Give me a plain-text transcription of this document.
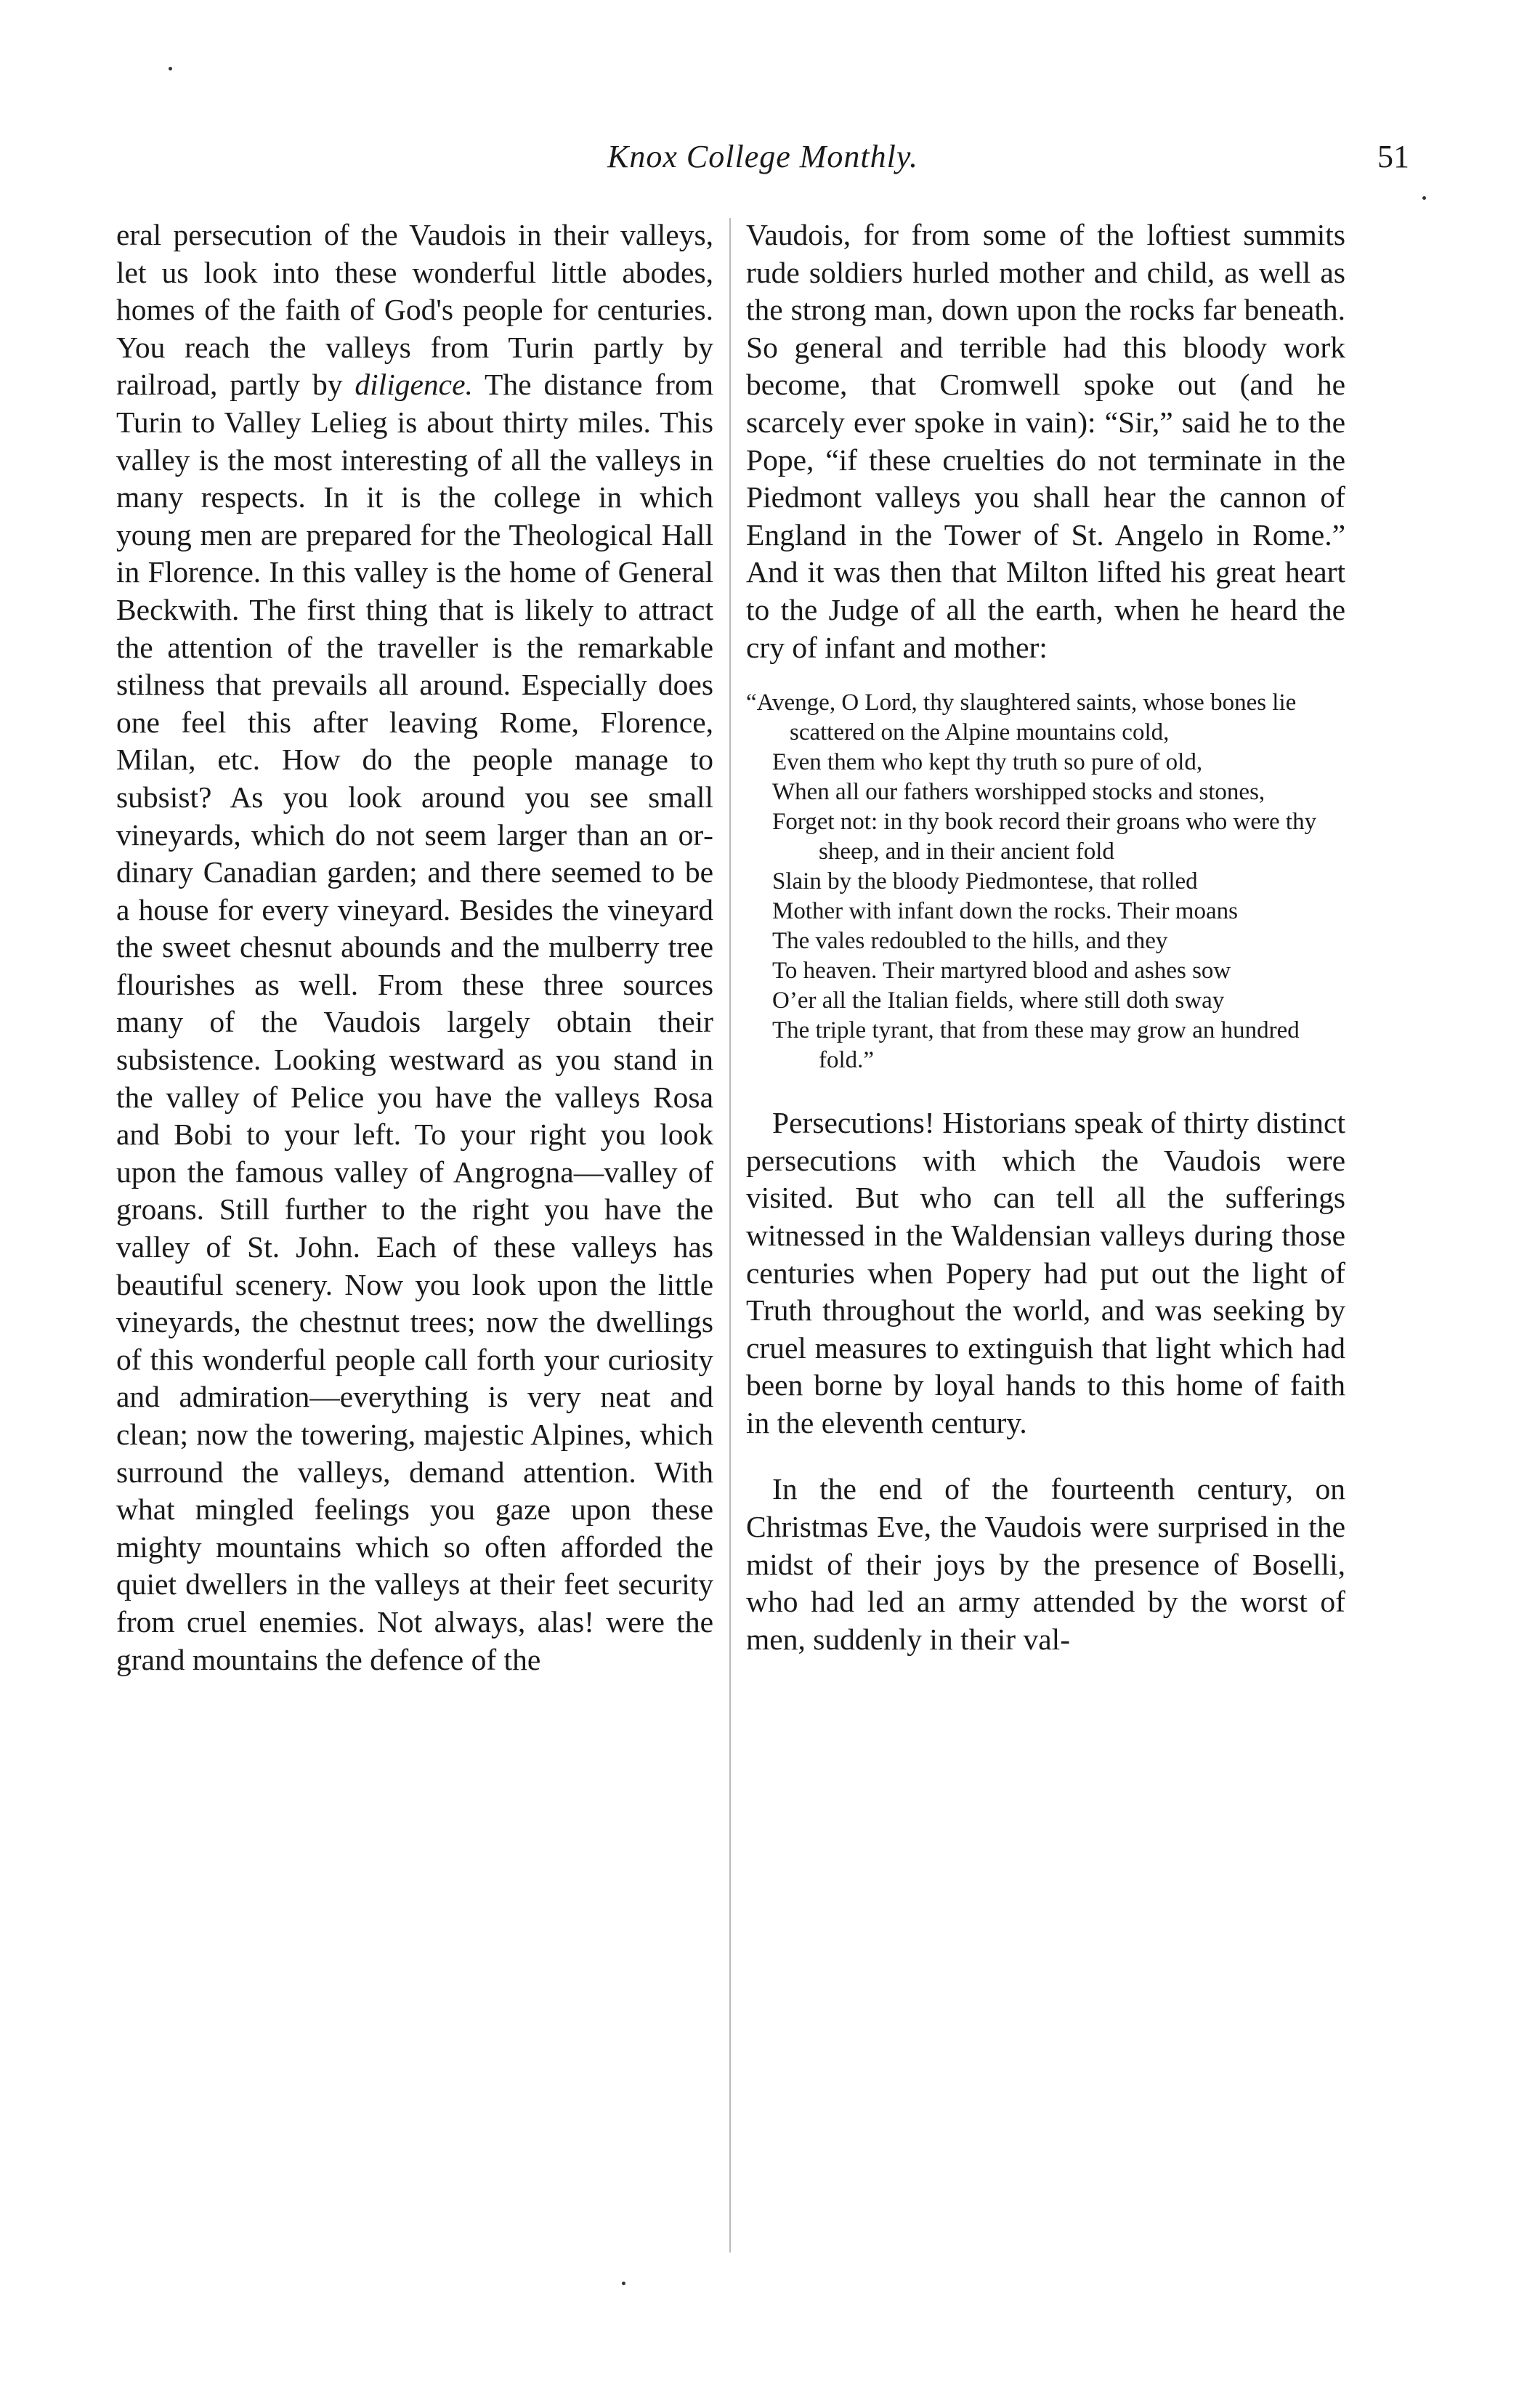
Knox College Monthly.	51

eral persecution of the Vaudois in their valleys, let us look into these wonderful little abodes, homes of the faith of God's people for centuries. You reach the valleys from Turin partly by railroad, partly by diligence. The distance from Turin to Valley Lelieg is about thirty miles. This valley is the most interesting of all the valleys in many respects. In it is the college in which young men are prepared for the Theological Hall in Florence. In this valley is the home of General Beckwith. The first thing that is likely to attract the attention of the traveller is the remarkable stilness that prevails all around. Especially does one feel this after leaving Rome, Florence, Milan, etc. How do the people manage to subsist? As you look around you see small vineyards, which do not seem larger than an ordinary Canadian garden; and there seemed to be a house for every vineyard. Besides the vineyard the sweet chesnut abounds and the mulberry tree flourishes as well. From these three sources many of the Vaudois largely obtain their subsistence. Looking westward as you stand in the valley of Pelice you have the valleys Rosa and Bobi to your left. To your right you look upon the famous valley of Angrogna—valley of groans. Still further to the right you have the valley of St. John. Each of these valleys has beautiful scenery. Now you look upon the little vineyards, the chestnut trees; now the dwellings of this wonderful people call forth your curiosity and admiration—everything is very neat and clean; now the towering, majestic Alpines, which surround the valleys, demand attention. With what mingled feelings you gaze upon these mighty mountains which so often afforded the quiet dwellers in the valleys at their feet security from cruel enemies. Not always, alas! were the grand mountains the defence of the

Vaudois, for from some of the loftiest summits rude soldiers hurled mother and child, as well as the strong man, down upon the rocks far beneath. So general and terrible had this bloody work become, that Cromwell spoke out (and he scarcely ever spoke in vain): “Sir,” said he to the Pope, “if these cruelties do not terminate in the Piedmont valleys you shall hear the cannon of England in the Tower of St. Angelo in Rome.” And it was then that Milton lifted his great heart to the Judge of all the earth, when he heard the cry of infant and mother:

“Avenge, O Lord, thy slaughtered saints, whose bones lie scattered on the Alpine mountains cold,
Even them who kept thy truth so pure of old,
When all our fathers worshipped stocks and stones,
Forget not: in thy book record their groans who were thy sheep, and in their ancient fold
Slain by the bloody Piedmontese, that rolled
Mother with infant down the rocks. Their moans
The vales redoubled to the hills, and they
To heaven. Their martyred blood and ashes sow
O’er all the Italian fields, where still doth sway
The triple tyrant, that from these may grow an hundred fold.”

Persecutions! Historians speak of thirty distinct persecutions with which the Vaudois were visited. But who can tell all the sufferings witnessed in the Waldensian valleys during those centuries when Popery had put out the light of Truth throughout the world, and was seeking by cruel measures to extinguish that light which had been borne by loyal hands to this home of faith in the eleventh century.

In the end of the fourteenth century, on Christmas Eve, the Vaudois were surprised in the midst of their joys by the presence of Boselli, who had led an army attended by the worst of men, suddenly in their val-
